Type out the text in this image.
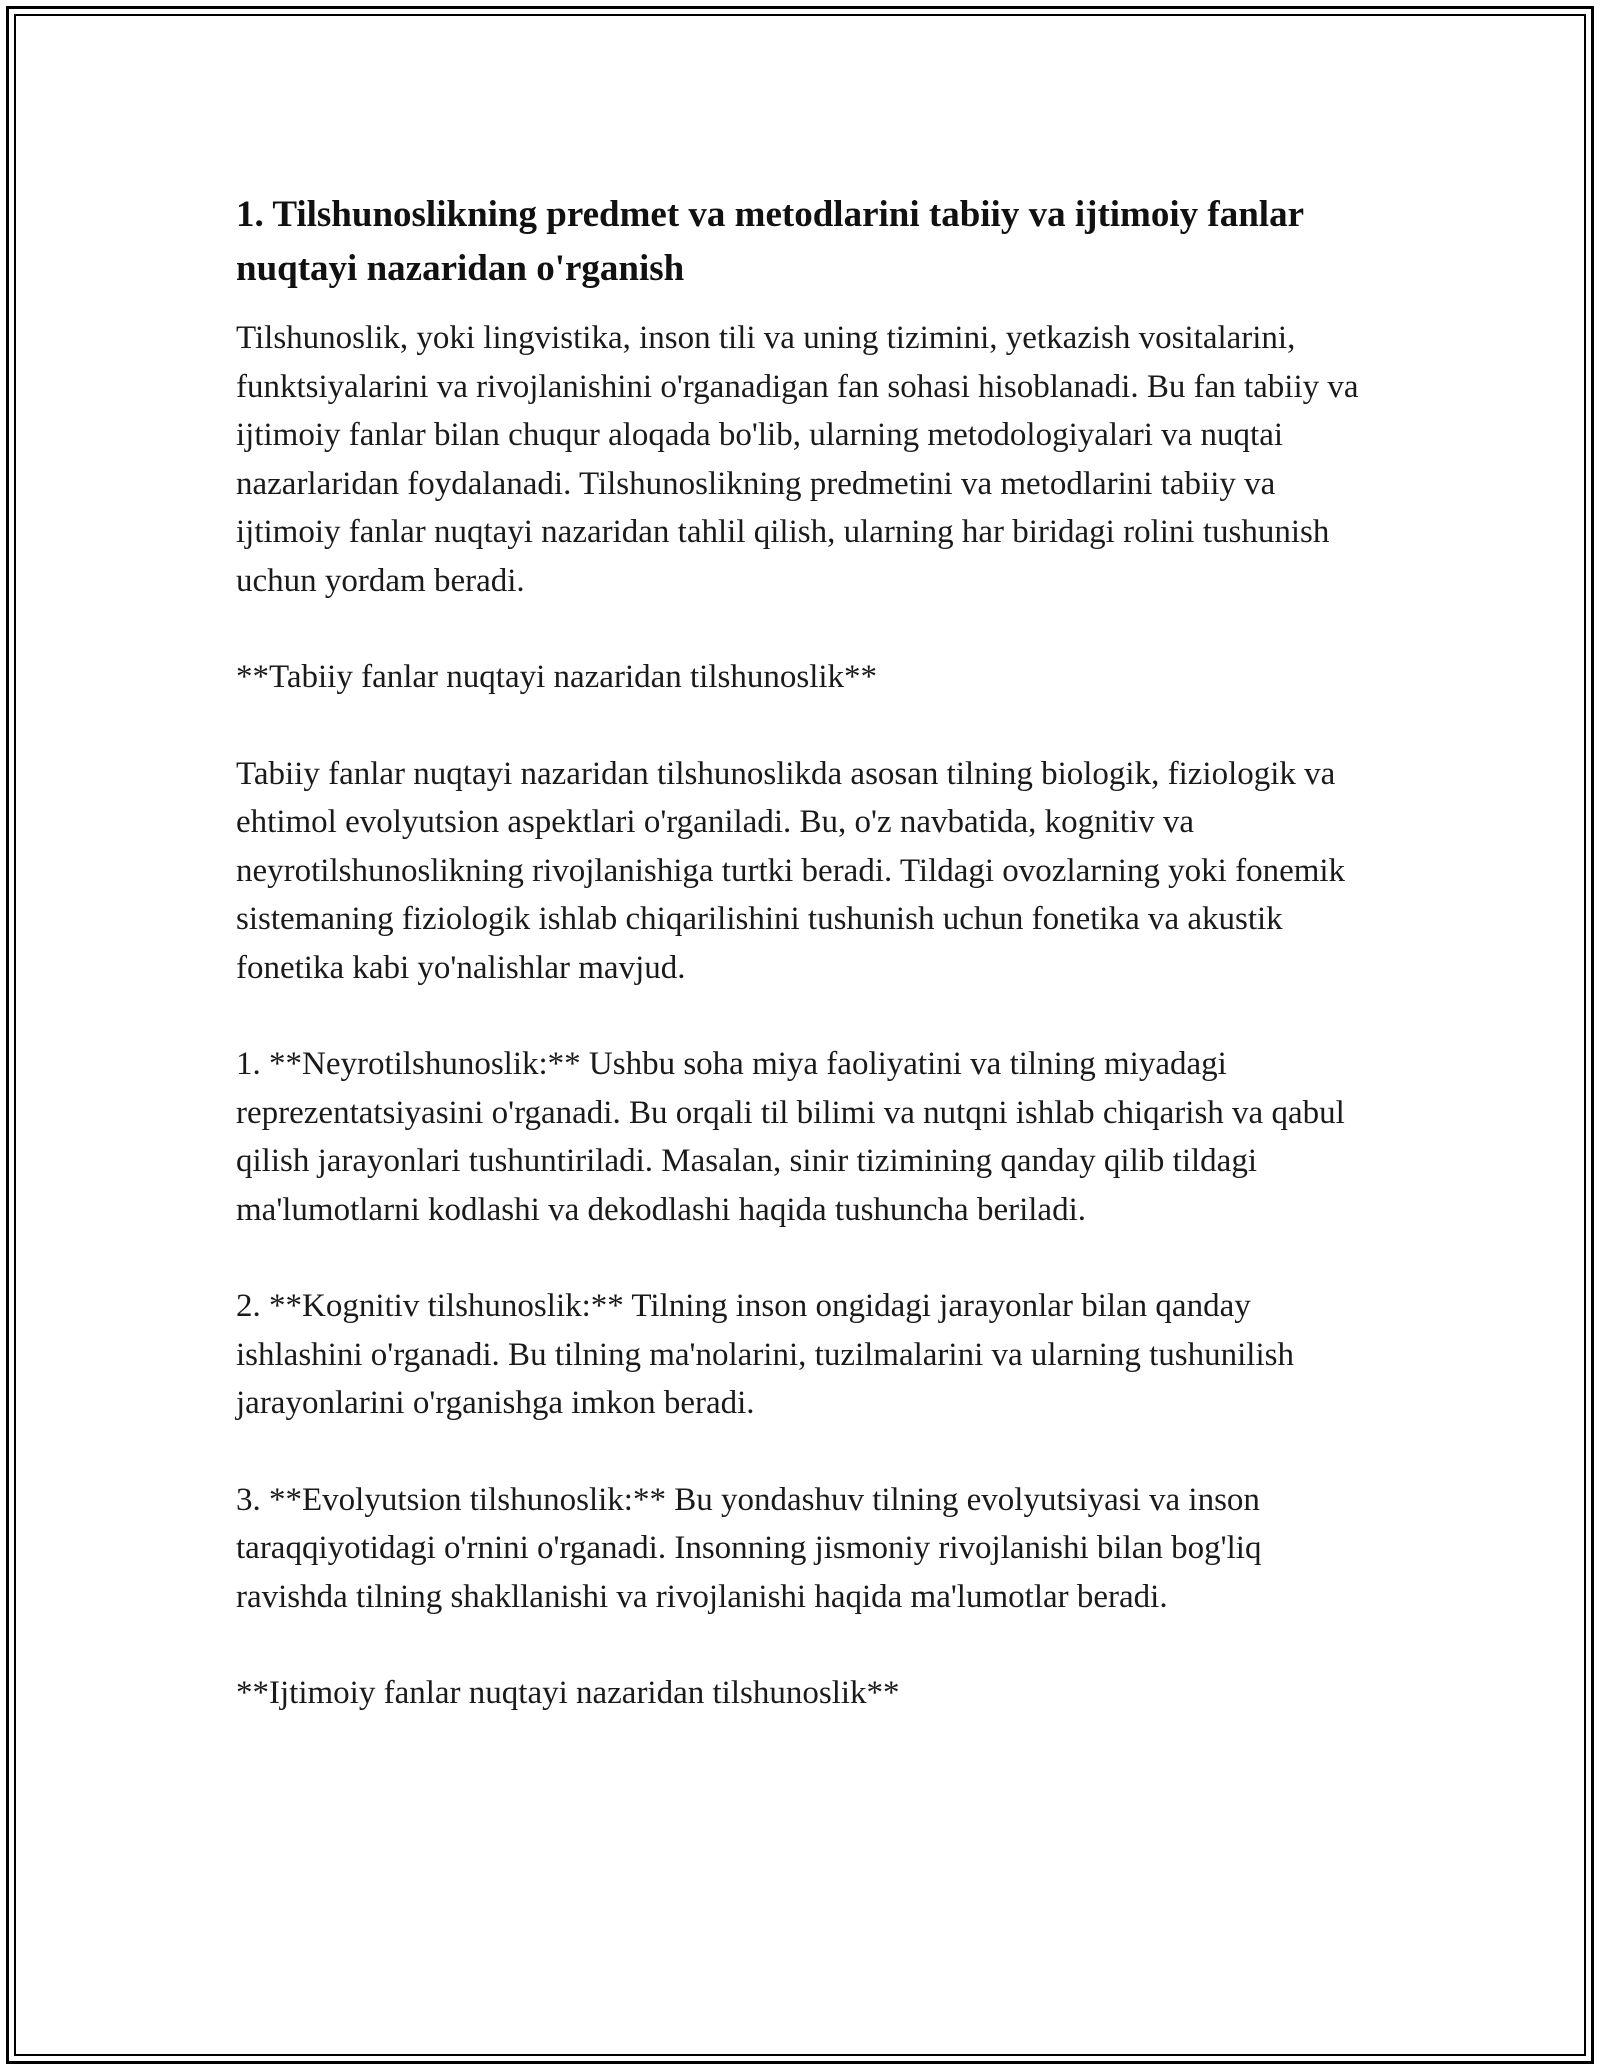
1. Tilshunoslikning predmet va metodlarini tabiiy va ijtimoiy fanlar nuqtayi nazaridan o'rganish

Tilshunoslik, yoki lingvistika, inson tili va uning tizimini, yetkazish vositalarini, funktsiyalarini va rivojlanishini o'rganadigan fan sohasi hisoblanadi. Bu fan tabiiy va ijtimoiy fanlar bilan chuqur aloqada bo'lib, ularning metodologiyalari va nuqtai nazarlaridan foydalanadi. Tilshunoslikning predmetini va metodlarini tabiiy va ijtimoiy fanlar nuqtayi nazaridan tahlil qilish, ularning har biridagi rolini tushunish uchun yordam beradi.

**Tabiiy fanlar nuqtayi nazaridan tilshunoslik**

Tabiiy fanlar nuqtayi nazaridan tilshunoslikda asosan tilning biologik, fiziologik va ehtimol evolyutsion aspektlari o'rganiladi. Bu, o'z navbatida, kognitiv va neyrotilshunoslikning rivojlanishiga turtki beradi. Tildagi ovozlarning yoki fonemik sistemaning fiziologik ishlab chiqarilishini tushunish uchun fonetika va akustik fonetika kabi yo'nalishlar mavjud.

1. **Neyrotilshunoslik:** Ushbu soha miya faoliyatini va tilning miyadagi reprezentatsiyasini o'rganadi. Bu orqali til bilimi va nutqni ishlab chiqarish va qabul qilish jarayonlari tushuntiriladi. Masalan, sinir tizimining qanday qilib tildagi ma'lumotlarni kodlashi va dekodlashi haqida tushuncha beriladi.

2. **Kognitiv tilshunoslik:** Tilning inson ongidagi jarayonlar bilan qanday ishlashini o'rganadi. Bu tilning ma'nolarini, tuzilmalarini va ularning tushunilish jarayonlarini o'rganishga imkon beradi.

3. **Evolyutsion tilshunoslik:** Bu yondashuv tilning evolyutsiyasi va inson taraqqiyotidagi o'rnini o'rganadi. Insonning jismoniy rivojlanishi bilan bog'liq ravishda tilning shakllanishi va rivojlanishi haqida ma'lumotlar beradi.

**Ijtimoiy fanlar nuqtayi nazaridan tilshunoslik**
